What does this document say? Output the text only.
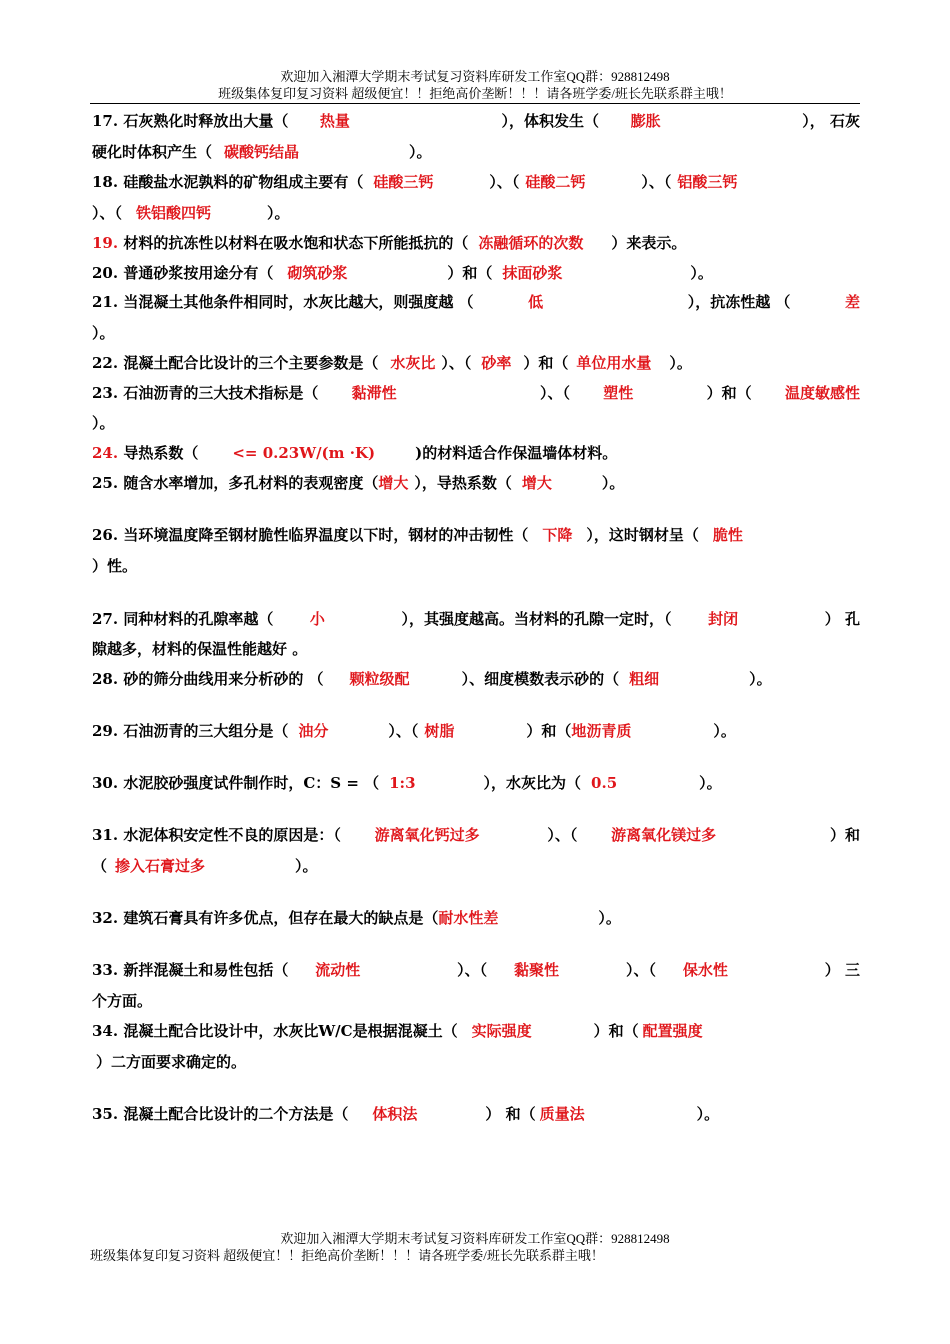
欢迎加入湘潭大学期末考试复习资料库研发工作室QQ群：928812498
班级集体复印复习资料 超级便宜！！拒绝高价垄断！！！请各班学委/班长先联系群主哦！
17. 石灰熟化时释放出大量（ 热量	），体积发生（ 膨胀	）， 石灰
硬化时体积产生（ 碳酸钙结晶	）。
18. 硅酸盐水泥孰料的矿物组成主要有（ 硅酸三钙	）、（ 硅酸二钙	）、（ 铝酸三钙
）、（ 铁铝酸四钙	）。
19. 材料的抗冻性以材料在吸水饱和状态下所能抵抗的（ 冻融循环的次数 ）来表示。
20. 普通砂浆按用途分有（ 砌筑砂浆	）和（ 抹面砂浆	）。
21. 当混凝土其他条件相同时，水灰比越大，则强度越 （	低	），抗冻性越 （	差
）。
22. 混凝土配合比设计的三个主要参数是（ 水灰比 ）、（ 砂率 ）和（ 单位用水量 ）。
23. 石油沥青的三大技术指标是（ 黏滞性	）、（ 塑性	）和（ 温度敏感性
）。
24. 导热系数（ <= 0.23W/(m ·K)	)的材料适合作保温墙体材料。
25. 随含水率增加，多孔材料的表观密度（增大 ），导热系数（ 增大	）。
26. 当环境温度降至钢材脆性临界温度以下时，钢材的冲击韧性（ 下降 ），这时钢材呈（ 脆性
）性。
27. 同种材料的孔隙率越（ 小	），其强度越高。当材料的孔隙一定时，（ 封闭	） 孔
隙越多，材料的保温性能越好 。
28. 砂的筛分曲线用来分析砂的 （ 颗粒级配	）、细度模数表示砂的（ 粗细	）。
29. 石油沥青的三大组分是（ 油分	）、（ 树脂	）和（地沥青质	）。
30. 水泥胶砂强度试件制作时，C：S = （ 1:3	），水灰比为（ 0.5	）。
31. 水泥体积安定性不良的原因是：（ 游离氧化钙过多	）、（ 游离氧化镁过多	）和
（ 掺入石膏过多	）。
32. 建筑石膏具有许多优点，但存在最大的缺点是（耐水性差	）。
33. 新拌混凝土和易性包括（ 流动性	）、（ 黏聚性	）、（ 保水性	） 三
个方面。
34. 混凝土配合比设计中，水灰比W/C是根据混凝土（ 实际强度	）和（ 配置强度
）二方面要求确定的。
35. 混凝土配合比设计的二个方法是（ 体积法	） 和（ 质量法	）。
欢迎加入湘潭大学期末考试复习资料库研发工作室QQ群：928812498
班级集体复印复习资料 超级便宜！！拒绝高价垄断！！！请各班学委/班长先联系群主哦！
